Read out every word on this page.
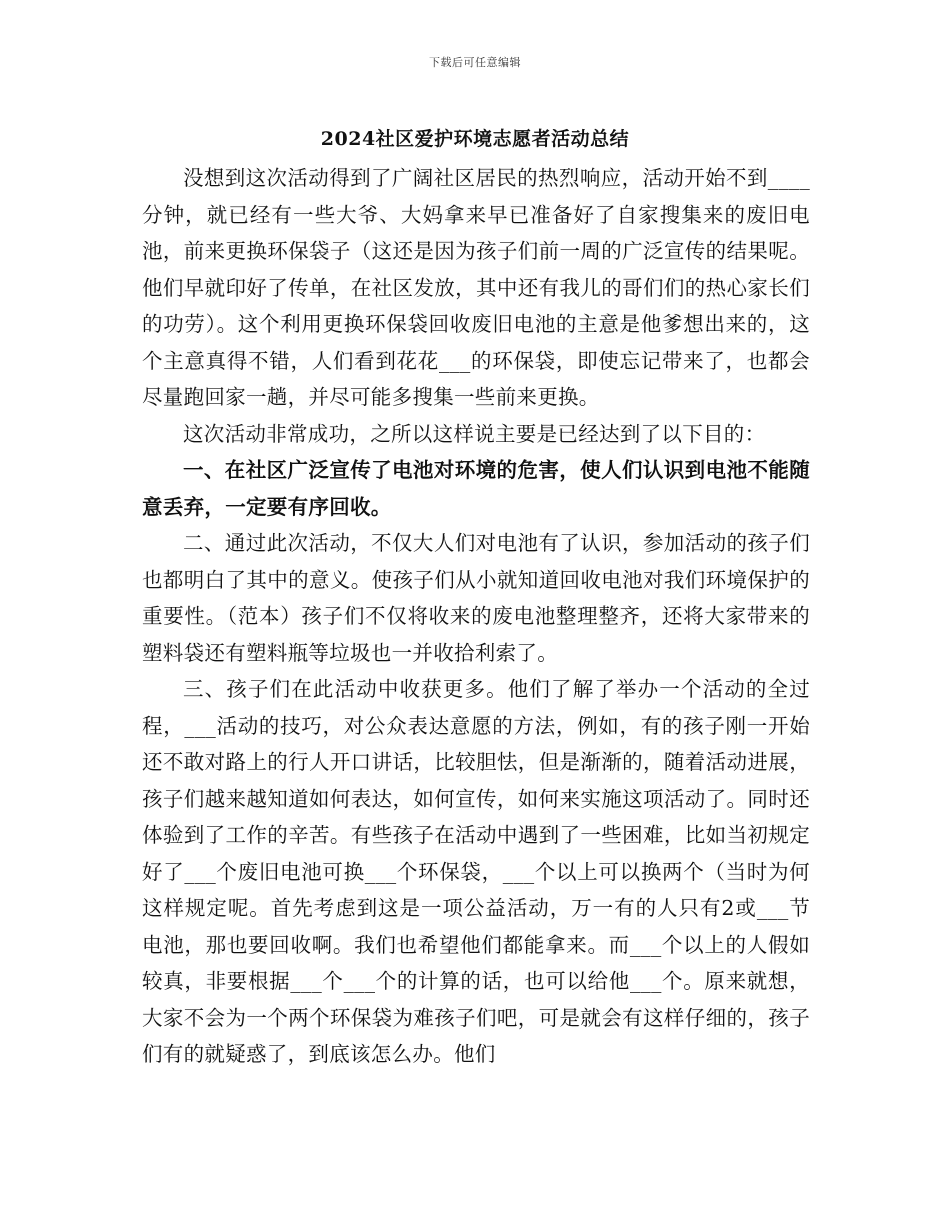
下载后可任意编辑
2024社区爱护环境志愿者活动总结

没想到这次活动得到了广阔社区居民的热烈响应，活动开始不到____分钟，就已经有一些大爷、大妈拿来早已准备好了自家搜集来的废旧电池，前来更换环保袋子（这还是因为孩子们前一周的广泛宣传的结果呢。他们早就印好了传单，在社区发放，其中还有我儿的哥们们的热心家长们的功劳）。这个利用更换环保袋回收废旧电池的主意是他爹想出来的，这个主意真得不错，人们看到花花___的环保袋，即使忘记带来了，也都会尽量跑回家一趟，并尽可能多搜集一些前来更换。

这次活动非常成功，之所以这样说主要是已经达到了以下目的：

一、在社区广泛宣传了电池对环境的危害，使人们认识到电池不能随意丢弃，一定要有序回收。

二、通过此次活动，不仅大人们对电池有了认识，参加活动的孩子们也都明白了其中的意义。使孩子们从小就知道回收电池对我们环境保护的重要性。（范本）孩子们不仅将收来的废电池整理整齐，还将大家带来的塑料袋还有塑料瓶等垃圾也一并收拾利索了。

三、孩子们在此活动中收获更多。他们了解了举办一个活动的全过程，___活动的技巧，对公众表达意愿的方法，例如，有的孩子刚一开始还不敢对路上的行人开口讲话，比较胆怯，但是渐渐的，随着活动进展，孩子们越来越知道如何表达，如何宣传，如何来实施这项活动了。同时还体验到了工作的辛苦。有些孩子在活动中遇到了一些困难，比如当初规定好了___个废旧电池可换___个环保袋，___个以上可以换两个（当时为何这样规定呢。首先考虑到这是一项公益活动，万一有的人只有2或___节电池，那也要回收啊。我们也希望他们都能拿来。而___个以上的人假如较真，非要根据___个___个的计算的话，也可以给他___个。原来就想，大家不会为一个两个环保袋为难孩子们吧，可是就会有这样仔细的，孩子们有的就疑惑了，到底该怎么办。他们
